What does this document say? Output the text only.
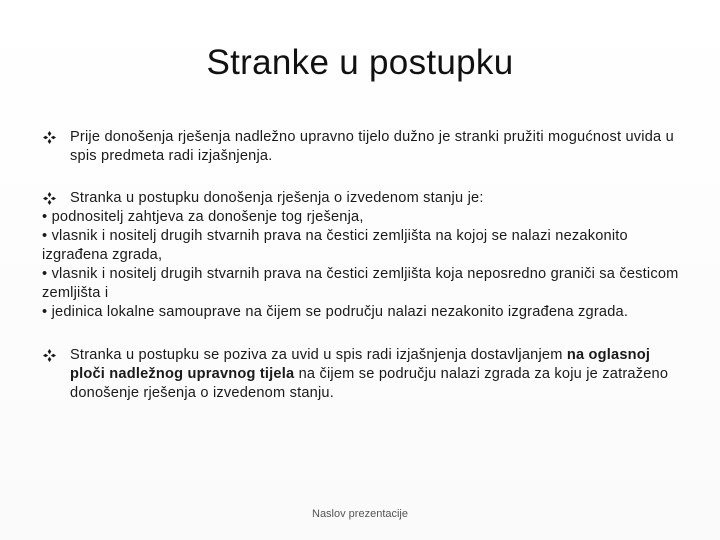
Stranke u postupku
Prije donošenja rješenja nadležno upravno tijelo dužno je stranki pružiti mogućnost uvida u spis predmeta radi izjašnjenja.
Stranka u postupku donošenja rješenja o izvedenom stanju je:

• podnositelj zahtjeva za donošenje tog rješenja,

• vlasnik i nositelj drugih stvarnih prava na čestici zemljišta na kojoj se nalazi nezakonito izgrađena zgrada,

• vlasnik i nositelj drugih stvarnih prava na čestici zemljišta koja neposredno graniči sa česticom zemljišta i

• jedinica lokalne samouprave na čijem se području nalazi nezakonito izgrađena zgrada.

Stranka u postupku se poziva za uvid u spis radi izjašnjenja dostavljanjem na oglasnoj ploči nadležnog upravnog tijela na čijem se području nalazi zgrada za koju je zatraženo donošenje rješenja o izvedenom stanju.
Naslov prezentacije
